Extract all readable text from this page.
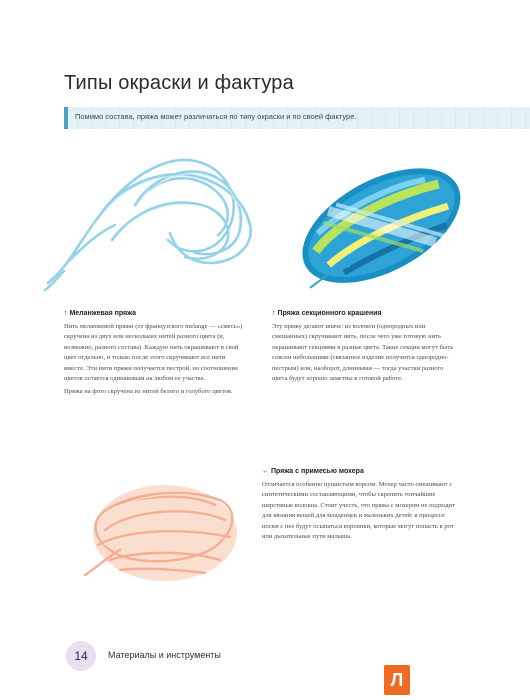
Типы окраски и фактура
Помимо состава, пряжа может различаться по типу окраски и по своей фактуре.
↑ Меланжевая пряжа

Нить меланжевой пряжи (от французского melange — «смесь») скручена из двух или нескольких нитей разного цвета (и, возможно, разного состава). Каждую нить окрашивают в свой цвет отдельно, и только после этого скручивают все нити вместе. Эти нити пряжи получается пестрой, но соотношение цветов остается одинаковым на любом ее участке.

Пряжа на фото скручена из нитей белого и голубого цветов.

↑ Пряжа секционного крашения

Эту пряжу делают иначе: из волокон (однородных или смешанных) скручивают нить, после чего уже готовую нить окрашивают секциями в разные цвета. Такие секции могут быть совсем небольшими (связанное изделие получится однородно-пестрым) или, наоборот, длинными — тогда участки разного цвета будут хорошо заметны в готовой работе.

← Пряжа с примесью мохера

Отличается особенно пушистым ворсом. Мохер часто смешивают с синтетическими составляющими, чтобы скрепить тончайшие шерстяные волокна. Стоит учесть, что пряжа с мохером не подходит для вязания вещей для младенцев и маленьких детей: в процессе носки с нее будут осыпаться ворсинки, которые могут попасть в рот или дыхательные пути малыша.

14	Материалы и инструменты
Л
